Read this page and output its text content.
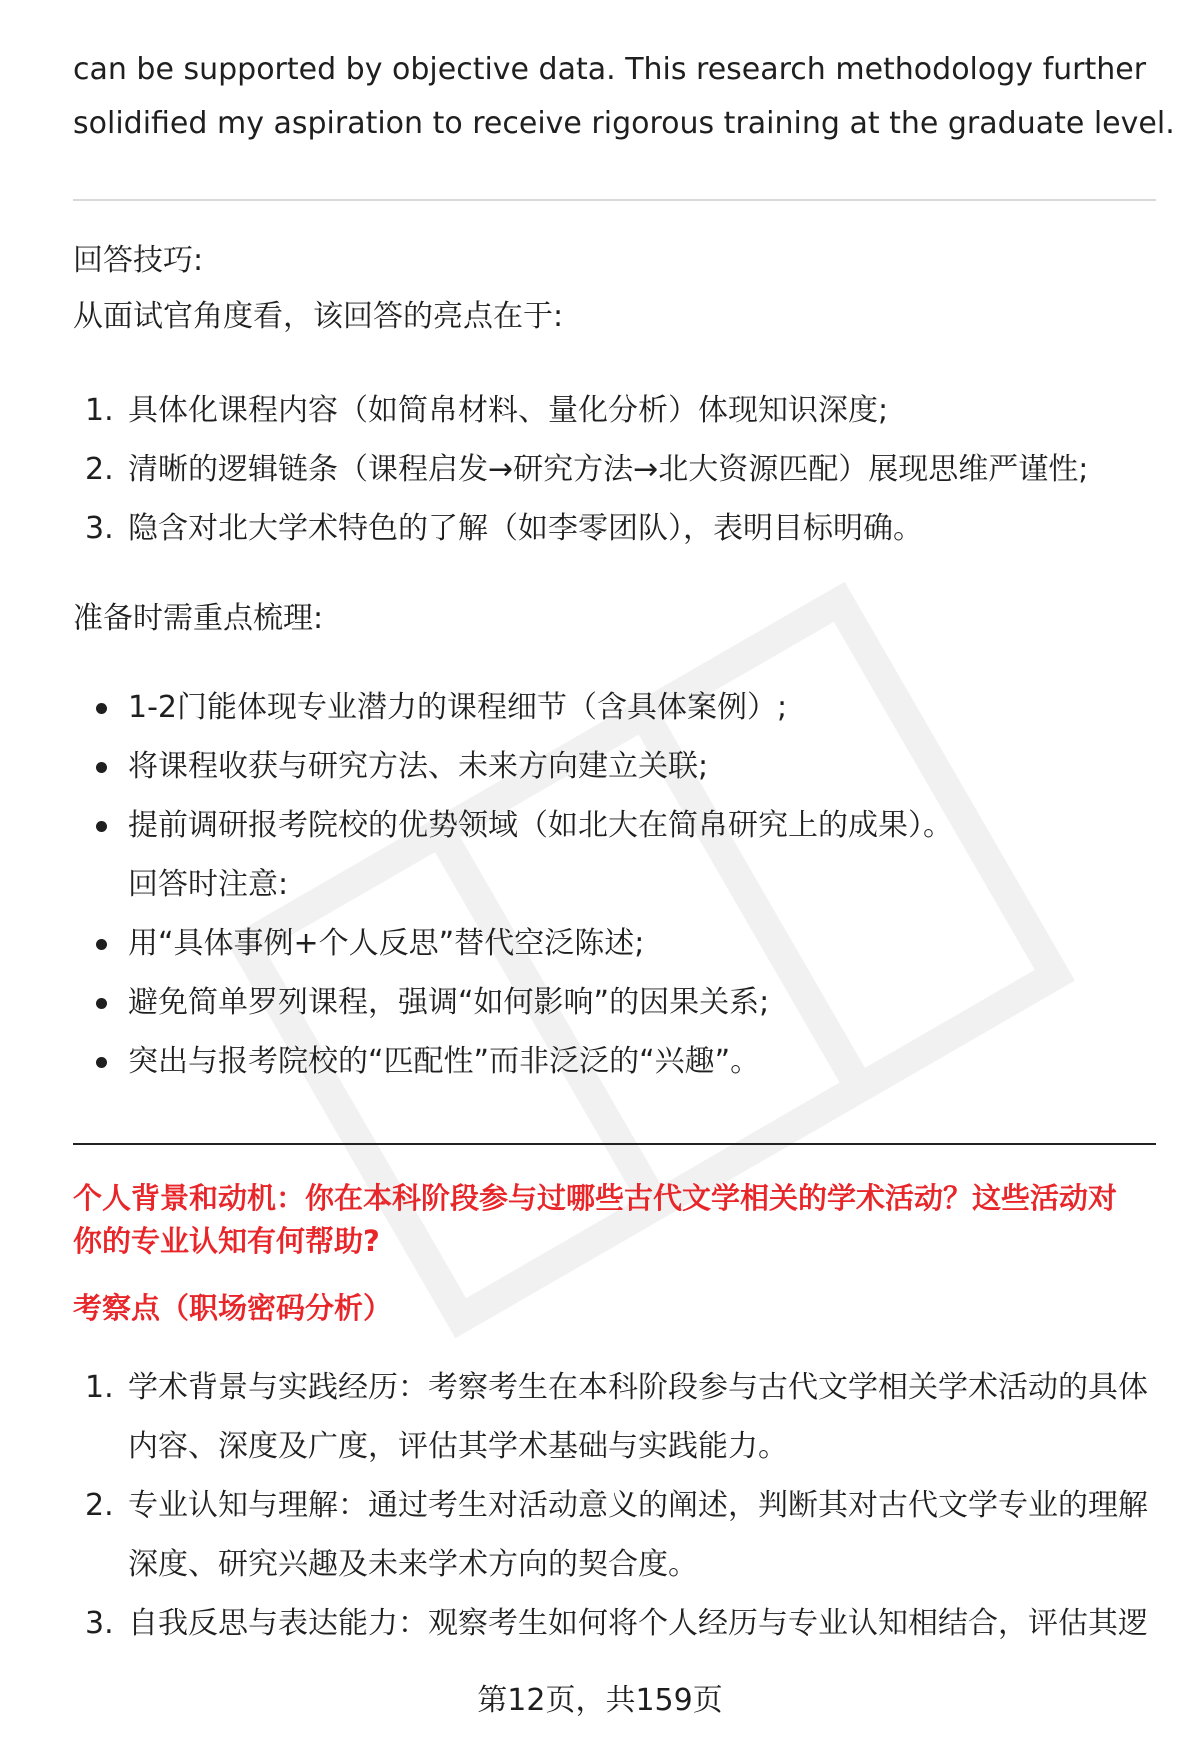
can be supported by objective data. This research methodology further
solidified my aspiration to receive rigorous training at the graduate level.
回答技巧:
从面试官角度看，该回答的亮点在于:
1. 具体化课程内容（如简帛材料、量化分析）体现知识深度;
2. 清晰的逻辑链条（课程启发→研究方法→北大资源匹配）展现思维严谨性;
3. 隐含对北大学术特色的了解（如李零团队），表明目标明确。
准备时需重点梳理:
1-2门能体现专业潜力的课程细节（含具体案例）;
将课程收获与研究方法、未来方向建立关联;
提前调研报考院校的优势领域（如北大在简帛研究上的成果）。
回答时注意:
用“具体事例+个人反思”替代空泛陈述;
避免简单罗列课程，强调“如何影响”的因果关系;
突出与报考院校的“匹配性”而非泛泛的“兴趣”。
个人背景和动机：你在本科阶段参与过哪些古代文学相关的学术活动？这些活动对
你的专业认知有何帮助?
考察点（职场密码分析）
1. 学术背景与实践经历：考察考生在本科阶段参与古代文学相关学术活动的具体
内容、深度及广度，评估其学术基础与实践能力。
2. 专业认知与理解：通过考生对活动意义的阐述，判断其对古代文学专业的理解
深度、研究兴趣及未来学术方向的契合度。
3. 自我反思与表达能力：观察考生如何将个人经历与专业认知相结合，评估其逻
第12页，共159页
